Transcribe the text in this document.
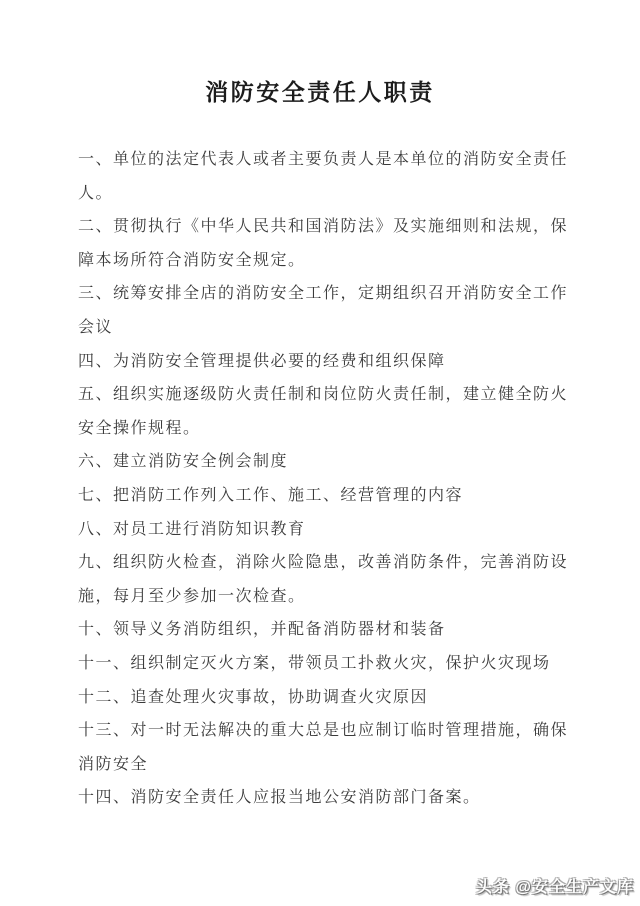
消防安全责任人职责

一、单位的法定代表人或者主要负责人是本单位的消防安全责任人。

二、贯彻执行《中华人民共和国消防法》及实施细则和法规，保障本场所符合消防安全规定。

三、统筹安排全店的消防安全工作，定期组织召开消防安全工作会议

四、为消防安全管理提供必要的经费和组织保障

五、组织实施逐级防火责任制和岗位防火责任制，建立健全防火安全操作规程。

六、建立消防安全例会制度

七、把消防工作列入工作、施工、经营管理的内容

八、对员工进行消防知识教育

九、组织防火检查，消除火险隐患，改善消防条件，完善消防设施，每月至少参加一次检查。

十、领导义务消防组织，并配备消防器材和装备

十一、组织制定灭火方案，带领员工扑救火灾，保护火灾现场

十二、追查处理火灾事故，协助调查火灾原因

十三、对一时无法解决的重大总是也应制订临时管理措施，确保消防安全

十四、消防安全责任人应报当地公安消防部门备案。

头条 @安全生产文库
